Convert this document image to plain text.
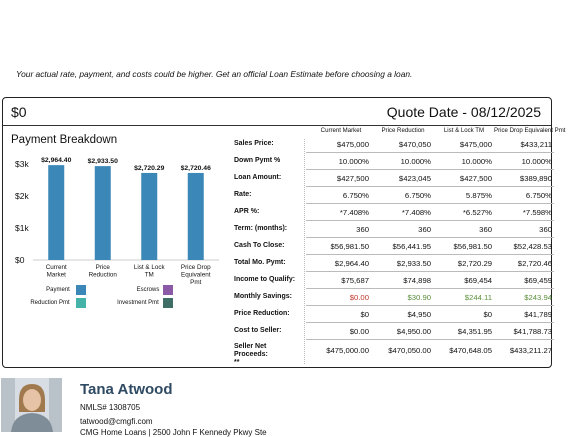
Your actual rate, payment, and costs could be higher. Get an official Loan Estimate before choosing a loan.
$0	Quote Date - 08/12/2025
Payment Breakdown
$0
$1k
$2k
$3k $2,964.40
Current
Market
$2,933.50
Price
Reduction
$2,720.29
List & Lock
TM
$2,720.46
Price Drop
Equivalent
Pmt
Payment	Escrows
Reduction Pmt	Investment Pmt
Current Market	Price Reduction	List & Lock TM	Price Drop Equivalent Pmt
Sales Price:	$475,000	$470,050	$475,000	$433,211
Down Pymt %	10.000%	10.000%	10.000%	10.000%
Loan Amount:	$427,500	$423,045	$427,500	$389,890
Rate:	6.750%	6.750%	5.875%	6.750%
APR %:	*7.408%	*7.408%	*6.527%	*7.598%
Term: (months):	360	360	360	360
Cash To Close:	$56,981.50	$56,441.95	$56,981.50	$52,428.53
Total Mo. Pymt:	$2,964.40	$2,933.50	$2,720.29	$2,720.46
Income to Qualify:	$75,687	$74,898	$69,454	$69,459
Monthly Savings:	$0.00	$30.90	$244.11	$243.94
Price Reduction:	$0	$4,950	$0	$41,789
Cost to Seller:	$0.00	$4,950.00	$4,351.95	$41,788.73
Seller Net
Proceeds:
**
$475,000.00	$470,050.00	$470,648.05	$433,211.27
Tana Atwood
NMLS# 1308705
tatwood@cmgfi.com
CMG Home Loans | 2500 John F Kennedy Pkwy Ste
